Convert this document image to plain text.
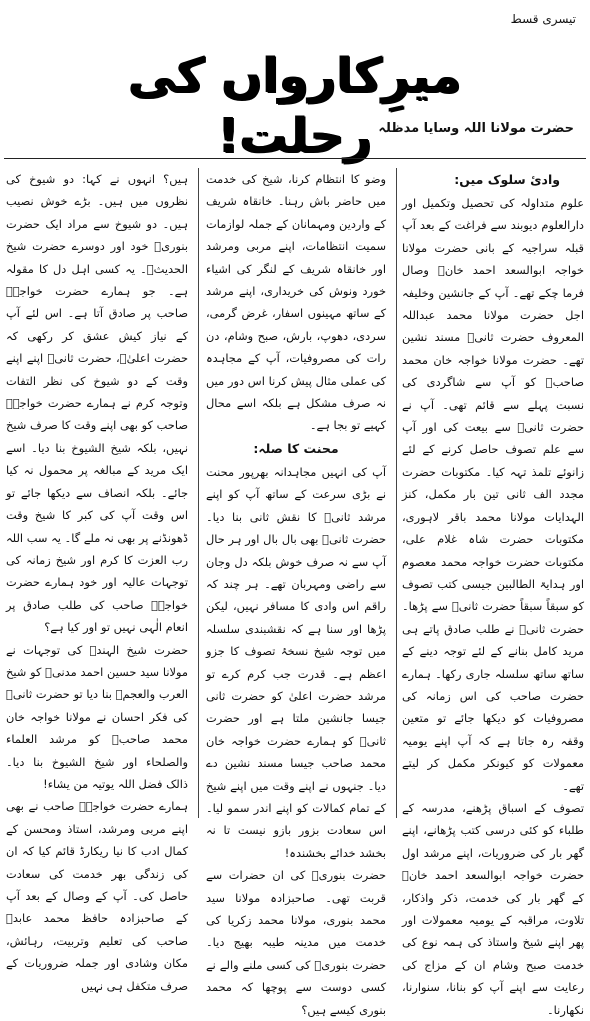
تیسری قسط
میرِکارواں کی رحلت! حضرت مولانا اللہ وسایا مدظلہ
وادیٔ سلوک میں:

علوم متداولہ کی تحصیل وتکمیل اور دارالعلوم دیوبند سے فراغت کے بعد آپ قبلہ سراجیہ کے بانی حضرت مولانا خواجہ ابوالسعد احمد خانؒ وصال فرما چکے تھے۔ آپ کے جانشین وخلیفہ اجل حضرت مولانا محمد عبداللہ المعروف حضرت ثانیؒ مسند نشین تھے۔ حضرت مولانا خواجہ خان محمد صاحبؒ کو آپ سے شاگردی کی نسبت پہلے سے قائم تھی۔ آپ نے حضرت ثانیؒ سے بیعت کی اور آپ سے علم تصوف حاصل کرنے کے لئے زانوئے تلمذ تہہ کیا۔ مکتوبات حضرت مجدد الف ثانی تین بار مکمل، کنز الہدایات مولانا محمد باقر لاہوری، مکتوبات حضرت شاہ غلام علی، مکتوبات حضرت خواجہ محمد معصوم اور ہدایۃ الطالبین جیسی کتب تصوف کو سبقاً سبقاً حضرت ثانیؒ سے پڑھا۔ حضرت ثانیؒ نے طلب صادق پاتے ہی مرید کامل بنانے کے لئے توجہ دینے کے ساتھ ساتھ سلسلہ جاری رکھا۔ ہمارے حضرت صاحب کی اس زمانہ کی مصروفیات کو دیکھا جائے تو متعین وقفہ رہ جاتا ہے کہ آپ اپنے یومیہ معمولات کو کیونکر مکمل کر لیتے تھے۔

تصوف کے اسباق پڑھنے، مدرسہ کے طلباء کو کئی درسی کتب پڑھانے، اپنے گھر بار کی ضروریات، اپنے مرشد اول حضرت خواجہ ابوالسعد احمد خانؒ کے گھر بار کی خدمت، ذکر واذکار، تلاوت، مراقبہ کے یومیہ معمولات اور پھر اپنے شیخ واستاذ کی ہمہ نوع کی خدمت صبح وشام ان کے مزاج کی رعایت سے اپنے آپ کو بنانا، سنوارنا، نکھارنا۔

وضو کا انتظام کرنا، شیخ کی خدمت میں حاضر باش رہنا۔ خانقاہ شریف کے واردین ومہمانان کے جملہ لوازمات سمیت انتظامات، اپنے مربی ومرشد اور خانقاہ شریف کے لنگر کی اشیاء خورد ونوش کی خریداری، اپنے مرشد کے ساتھ مہینوں اسفار، غرض گرمی، سردی، دھوپ، بارش، صبح وشام، دن رات کی مصروفیات، آپ کے مجاہدہ کی عملی مثال پیش کرنا اس دور میں نہ صرف مشکل ہے بلکہ اسے محال کہیے تو بجا ہے۔

محنت کا صلہ:

آپ کی انہیں مجاہدانہ بھرپور محنت نے بڑی سرعت کے ساتھ آپ کو اپنے مرشد ثانیؒ کا نقش ثانی بنا دیا۔ حضرت ثانیؒ بھی بال بال اور ہر حال آپ سے نہ صرف خوش بلکہ دل وجان سے راضی ومہربان تھے۔ ہر چند کہ راقم اس وادی کا مسافر نہیں، لیکن پڑھا اور سنا ہے کہ نقشبندی سلسلہ میں توجہ شیخ نسخۂ تصوف کا جزو اعظم ہے۔ قدرت جب کرم کرے تو مرشد حضرت اعلیٰ کو حضرت ثانی جیسا جانشین ملتا ہے اور حضرت ثانیؒ کو ہمارے حضرت خواجہ خان محمد صاحب جیسا مسند نشین دے دیا۔ جنہوں نے اپنے وقت میں اپنے شیخ کے تمام کمالات کو اپنے اندر سمو لیا۔ اس سعادت بزور بازو نیست تا نہ بخشد خدائے بخشندہ!

حضرت بنوریؒ کی ان حضرات سے قربت تھی۔ صاحبزادہ مولانا سید محمد بنوری، مولانا محمد زکریا کی خدمت میں مدینہ طیبہ بھیج دیا۔ حضرت بنوریؒ کی کسی ملنے والے نے کسی دوست سے پوچھا کہ محمد بنوری کیسے ہیں؟

ہیں؟ انہوں نے کہا: دو شیوخ کی نظروں میں ہیں۔ بڑے خوش نصیب ہیں۔ دو شیوخ سے مراد ایک حضرت بنوریؒ خود اور دوسرے حضرت شیخ الحدیثؒ۔ یہ کسی اہل دل کا مقولہ ہے۔ جو ہمارے حضرت خواجہؒ صاحب پر صادق آتا ہے۔ اس لئے آپ کے نیاز کیش عشق کر رکھی کہ حضرت اعلیٰؒ، حضرت ثانیؒ اپنے اپنے وقت کے دو شیوخ کی نظر التفات وتوجہ کرم نے ہمارے حضرت خواجہؒ صاحب کو بھی اپنے وقت کا صرف شیخ نہیں، بلکہ شیخ الشیوخ بنا دیا۔ اسے ایک مرید کے مبالغہ پر محمول نہ کیا جائے۔ بلکہ انصاف سے دیکھا جائے تو اس وقت آپ کی کبر کا شیخ وقت ڈھونڈنے پر بھی نہ ملے گا۔ یہ سب اللہ رب العزت کا کرم اور شیخ زمانہ کی توجہات عالیہ اور خود ہمارے حضرت خواجہؒ صاحب کی طلب صادق پر انعام الٰہی نہیں تو اور کیا ہے؟

حضرت شیخ الہندؒ کی توجہات نے مولانا سید حسین احمد مدنیؒ کو شیخ العرب والعجمؒ بنا دیا تو حضرت ثانیؒ کی فکر احسان نے مولانا خواجہ خان محمد صاحبؒ کو مرشد العلماء والصلحاء اور شیخ الشیوخ بنا دیا۔ ذالک فضل اللہ یوتیہ من یشاء!

ہمارے حضرت خواجہؒ صاحب نے بھی اپنے مربی ومرشد، استاذ ومحسن کے کمال ادب کا نیا ریکارڈ قائم کیا کہ ان کی زندگی بھر خدمت کی سعادت حاصل کی۔ آپ کے وصال کے بعد آپ کے صاحبزادہ حافظ محمد عابدؒ صاحب کی تعلیم وتربیت، رہائش، مکان وشادی اور جملہ ضروریات کے صرف متکفل ہی نہیں
